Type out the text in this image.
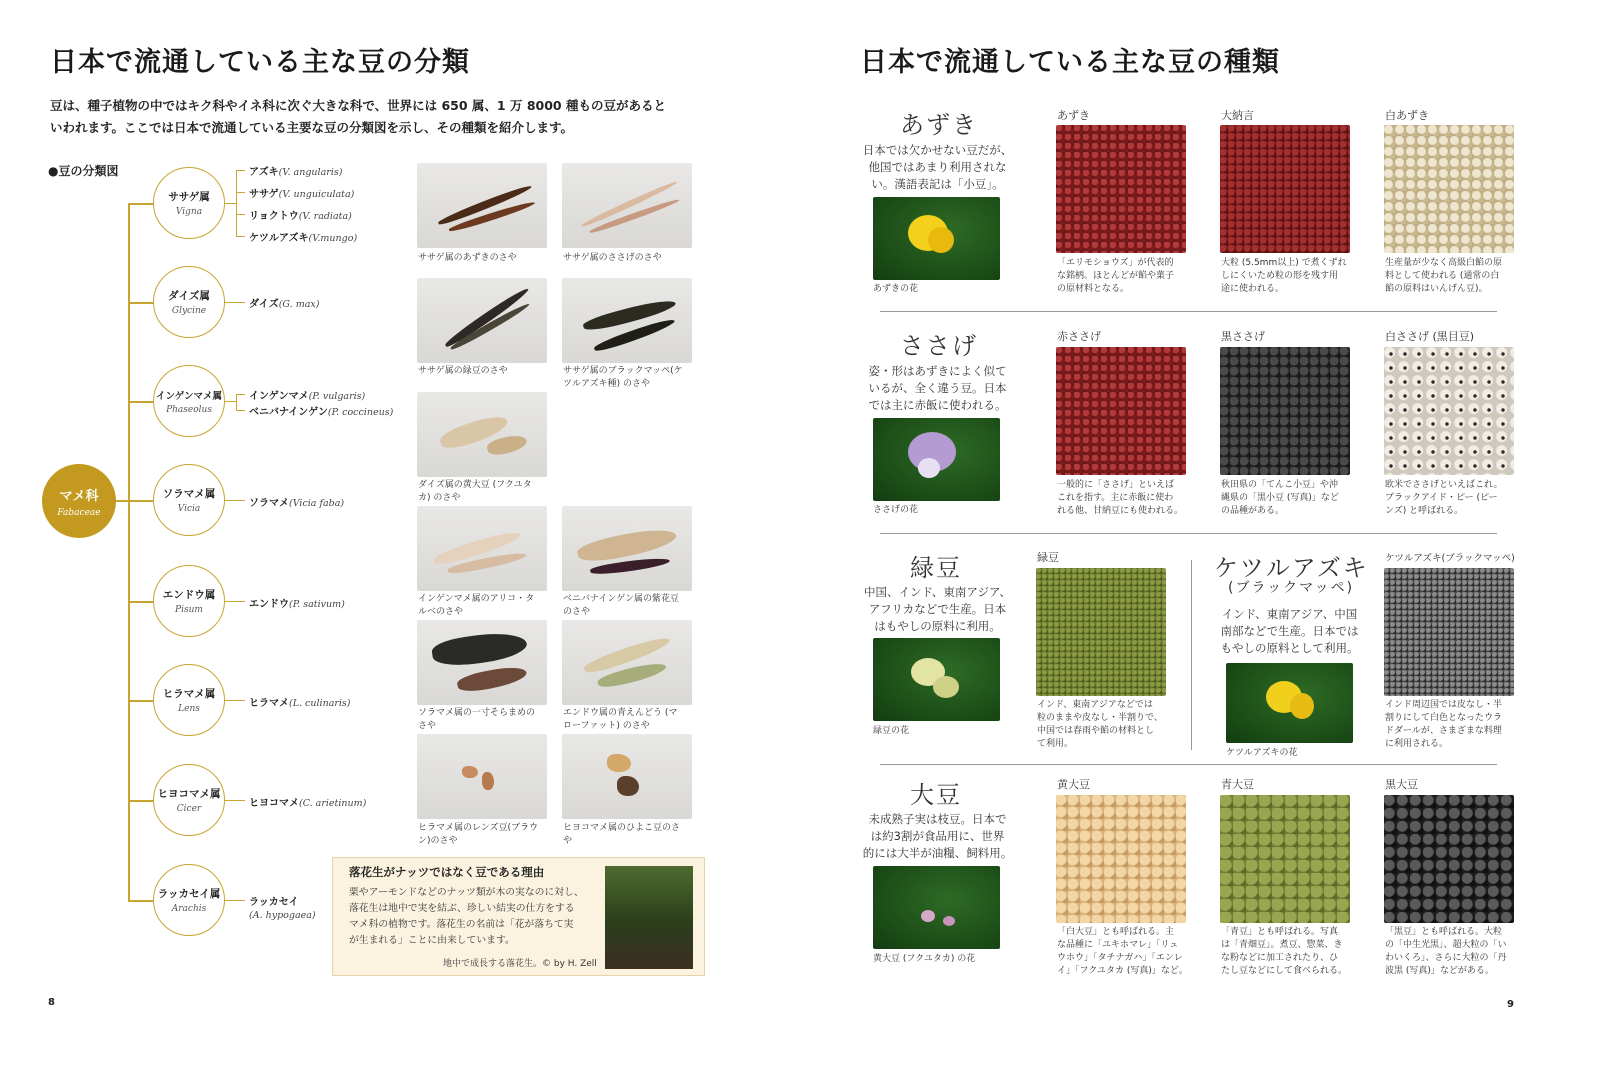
日本で流通している主な豆の分類
豆は、種子植物の中ではキク科やイネ科に次ぐ大きな科で、世界には 650 属、1 万 8000 種もの豆があると
いわれます。ここでは日本で流通している主要な豆の分類図を示し、その種類を紹介します。
●豆の分類図
マメ科
Fabaceae
ササゲ属
Vigna
ダイズ属
Glycine
インゲンマメ属
Phaseolus
ソラマメ属
Vicia
エンドウ属
Pisum
ヒラマメ属
Lens
ヒヨコマメ属
Cicer
ラッカセイ属
Arachis
アズキ(V. angularis)
ササゲ(V. unguiculata)
リョクトウ(V. radiata)
ケツルアズキ(V.mungo)
ダイズ(G. max)
インゲンマメ(P. vulgaris)
ベニバナインゲン(P. coccineus)
ソラマメ(Vicia faba)
エンドウ(P. sativum)
ヒラマメ(L. culinaris)
ヒヨコマメ(C. arietinum)
ラッカセイ
(A. hypogaea)
ササゲ属のあずきのさや	ササゲ属のささげのさや
ササゲ属の緑豆のさや	ササゲ属のブラックマッペ(ケ
ツルアズキ種) のさや
ダイズ属の黄大豆 (フクユタ
カ) のさや
インゲンマメ属のアリコ・タ
ルベのさや
ベニバナインゲン属の紫花豆
のさや
ソラマメ属の一寸そらまめの
さや
エンドウ属の青えんどう (マ
ローファット) のさや
ヒラマメ属のレンズ豆(ブラウ
ン)のさや
ヒヨコマメ属のひよこ豆のさ
や
落花生がナッツではなく豆である理由
栗やアーモンドなどのナッツ類が木の実なのに対し、
落花生は地中で実を結ぶ、珍しい結実の仕方をする
マメ科の植物です。落花生の名前は「花が落ちて実
が生まれる」ことに由来しています。
地中で成長する落花生。© by H. Zell
8
日本で流通している主な豆の種類
あずき
日本では欠かせない豆だが、
他国ではあまり利用されな
い。漢語表記は「小豆」。
あずきの花
あずき
「エリモショウズ」が代表的
な銘柄。ほとんどが餡や菓子
の原材料となる。
大納言
大粒 (5.5mm以上) で煮くずれ
しにくいため粒の形を残す用
途に使われる。
白あずき
生産量が少なく高級白餡の原
料として使われる (通常の白
餡の原料はいんげん豆)。
ささげ
姿・形はあずきによく似て
いるが、全く違う豆。日本
では主に赤飯に使われる。
ささげの花
赤ささげ
一般的に「ささげ」といえば
これを指す。主に赤飯に使わ
れる他、甘納豆にも使われる。
黒ささげ
秋田県の「てんこ小豆」や沖
縄県の「黒小豆 (写真)」など
の品種がある。
白ささげ (黒目豆)
欧米でささげといえばこれ。
ブラックアイド・ピー (ピー
ンズ) と呼ばれる。
緑豆
中国、インド、東南アジア、
アフリカなどで生産。日本
はもやしの原料に利用。
緑豆の花
緑豆
インド、東南アジアなどでは
粒のままや皮なし・半割りで、
中国では春雨や餡の材料とし
て利用。
ケツルアズキ
(ブラックマッペ)
インド、東南アジア、中国
南部などで生産。日本では
もやしの原料として利用。
ケツルアズキの花
ケツルアズキ(ブラックマッペ)
インド周辺国では皮なし・半
割りにして白色となったウラ
ドダールが、さまざまな料理
に利用される。
大豆
未成熟子実は枝豆。日本で
は約3割が食品用に、世界
的には大半が油糧、飼料用。
黄大豆 (フクユタカ) の花
黄大豆
「白大豆」とも呼ばれる。主
な品種に「ユキホマレ」「リュ
ウホウ」「タチナガハ」「エンレ
イ」「フクユタカ (写真)」など。
青大豆
「青豆」とも呼ばれる。写真
は「青畑豆」。煮豆、惣菜、き
な粉などに加工されたり、ひ
たし豆などにして食べられる。
黒大豆
「黒豆」とも呼ばれる。大粒
の「中生光黒」、超大粒の「い
わいくろ」、さらに大粒の「丹
波黒 (写真)」などがある。
9
